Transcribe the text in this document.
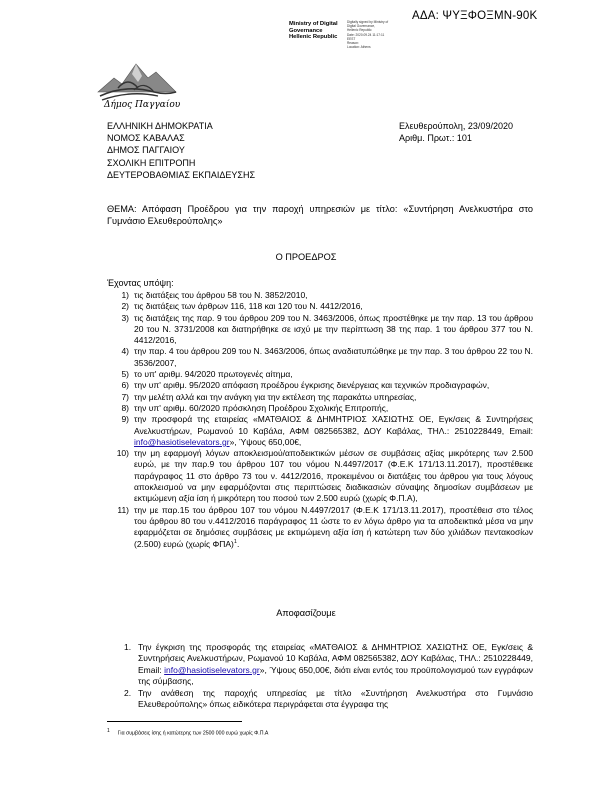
ΑΔΑ: ΨΥΞΦΟΞΜΝ-90Κ
Ministry of Digital
Governance
Hellenic Republic
Digitally signed by Ministry of
Digital Governance,
Hellenic Republic
Date: 2020.09.24 11:17:11
EEST
Reason:
Location: Athens
Δήμος Παγγαίου
ΕΛΛΗΝΙΚΗ ΔΗΜΟΚΡΑΤΙΑ
ΝΟΜΟΣ ΚΑΒΑΛΑΣ
ΔΗΜΟΣ ΠΑΓΓΑΙΟΥ
ΣΧΟΛΙΚΗ ΕΠΙΤΡΟΠΗ
ΔΕΥΤΕΡΟΒΑΘΜΙΑΣ ΕΚΠΑΙΔΕΥΣΗΣ
Ελευθερούπολη, 23/09/2020
Αριθμ. Πρωτ.: 101
ΘΕΜΑ: Απόφαση Προέδρου για την παροχή υπηρεσιών με τίτλο: «Συντήρηση Ανελκυστήρα στο Γυμνάσιο Ελευθερούπολης»
Ο ΠΡΟΕΔΡΟΣ
Έχοντας υπόψη:
1) τις διατάξεις του άρθρου 58 του Ν. 3852/2010,
2) τις διατάξεις των άρθρων 116, 118 και 120 του Ν. 4412/2016,
3) τις διατάξεις της παρ. 9 του άρθρου 209 του Ν. 3463/2006, όπως προστέθηκε με την παρ. 13 του άρθρου 20 του Ν. 3731/2008 και διατηρήθηκε σε ισχύ με την περίπτωση 38 της παρ. 1 του άρθρου 377 του Ν. 4412/2016,
4) την παρ. 4 του άρθρου 209 του Ν. 3463/2006, όπως αναδιατυπώθηκε με την παρ. 3 του άρθρου 22 του Ν. 3536/2007,
5) το υπ' αριθμ. 94/2020 πρωτογενές αίτημα,
6) την υπ' αριθμ. 95/2020 απόφαση προέδρου έγκρισης διενέργειας και τεχνικών προδιαγραφών,
7) την μελέτη αλλά και την ανάγκη για την εκτέλεση της παρακάτω υπηρεσίας,
8) την υπ' αριθμ. 60/2020 πρόσκληση Προέδρου Σχολικής Επιτροπής,
9) την προσφορά της εταιρείας «ΜΑΤΘΑΙΟΣ & ΔΗΜΗΤΡΙΟΣ ΧΑΣΙΩΤΗΣ ΟΕ, Εγκ/σεις & Συντηρήσεις Ανελκυστήρων, Ρωμανού 10 Καβάλα, ΑΦΜ 082565382, ΔΟΥ Καβάλας, ΤΗΛ.: 2510228449, Email: info@hasiotiselevators.gr», Ύψους 650,00€,
10) την μη εφαρμογή λόγων αποκλεισμού/αποδεικτικών μέσων σε συμβάσεις αξίας μικρότερης των 2.500 ευρώ, με την παρ.9 του άρθρου 107 του νόμου Ν.4497/2017 (Φ.Ε.Κ 171/13.11.2017), προστέθεικε παράγραφος 11 στο άρθρο 73 του ν. 4412/2016, προκειμένου οι διατάξεις του άρθρου για τους λόγους αποκλεισμού να μην εφαρμόζονται στις περιπτώσεις διαδικασιών σύναψης δημοσίων συμβάσεων με εκτιμώμενη αξία ίση ή μικρότερη του ποσού των 2.500 ευρώ (χωρίς Φ.Π.Α),
11) την με παρ.15 του άρθρου 107 του νόμου Ν.4497/2017 (Φ.Ε.Κ 171/13.11.2017), προστέθεισ στο τέλος του άρθρου 80 του ν.4412/2016 παράγραφος 11 ώστε το εν λόγω άρθρο για τα αποδεικτικά μέσα να μην εφαρμόζεται σε δημόσιες συμβάσεις με εκτιμώμενη αξία ίση ή κατώτερη των δύο χιλιάδων πεντακοσίων (2.500) ευρώ (χωρίς ΦΠΑ)$^1$.
Αποφασίζουμε
1. Την έγκριση της προσφοράς της εταιρείας «ΜΑΤΘΑΙΟΣ & ΔΗΜΗΤΡΙΟΣ ΧΑΣΙΩΤΗΣ ΟΕ, Εγκ/σεις & Συντηρήσεις Ανελκυστήρων, Ρωμανού 10 Καβάλα, ΑΦΜ 082565382, ΔΟΥ Καβάλας, ΤΗΛ.: 2510228449, Email: info@hasiotiselevators.gr», Ύψους 650,00€, διότι είναι εντός του προϋπολογισμού των εγγράφων της σύμβασης,
2. Την ανάθεση της παροχής υπηρεσίας με τίτλο «Συντήρηση Ανελκυστήρα στο Γυμνάσιο Ελευθερούπολης» όπως ειδικότερα περιγράφεται στα έγγραφα της
1 Για συμβάσεις ίσης ή κατώτερης των 2500 000 ευρώ χωρίς Φ.Π.Α
